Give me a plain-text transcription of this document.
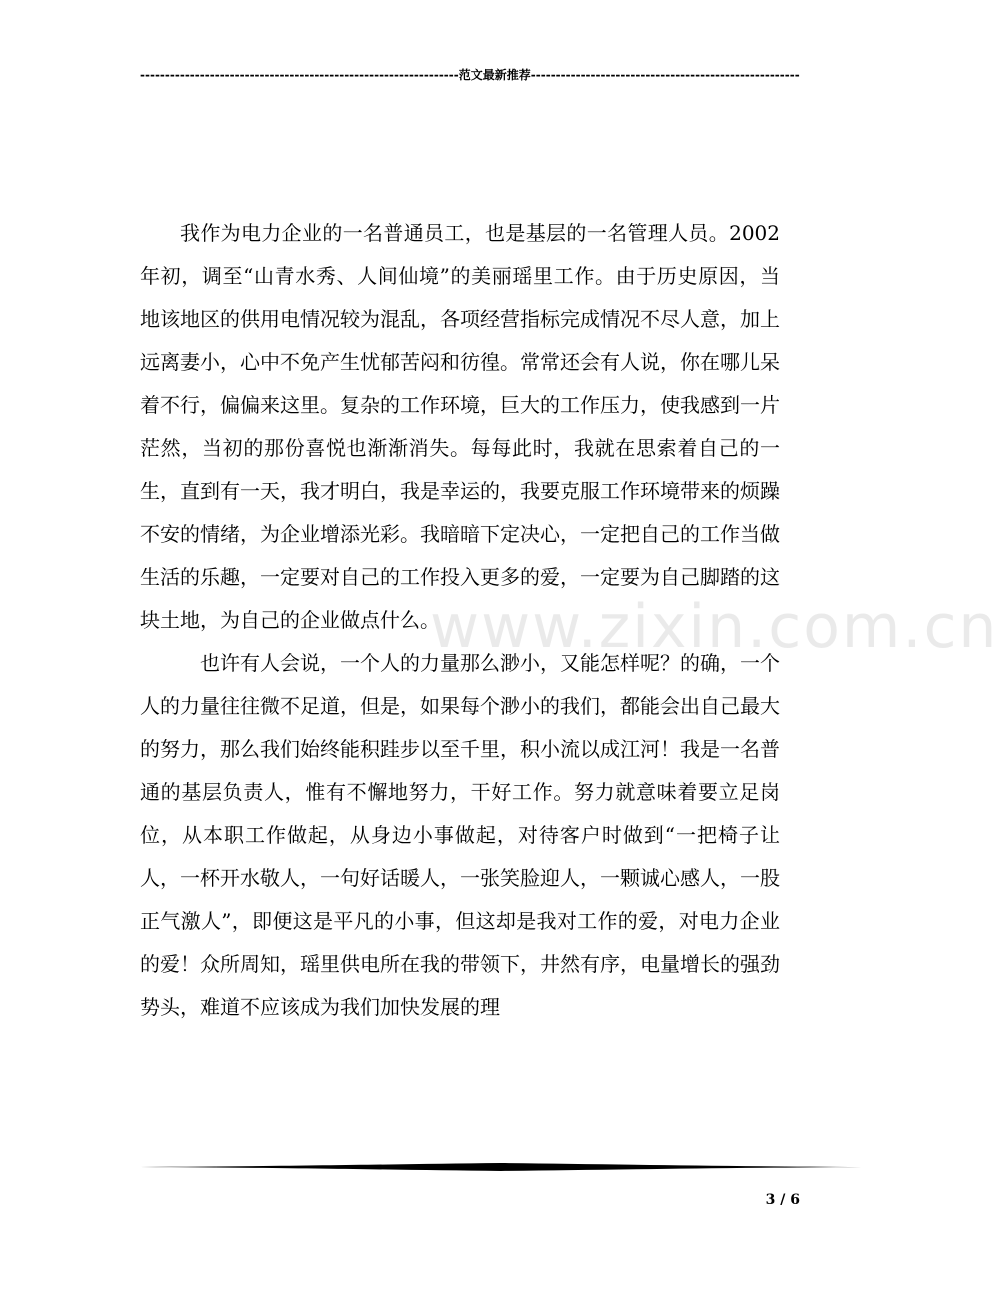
----------------------------------------------------------------范文最新推荐------------------------------------------------------

我作为电力企业的一名普通员工，也是基层的一名管理人员。2002年初，调至“山青水秀、人间仙境”的美丽瑶里工作。由于历史原因，当地该地区的供用电情况较为混乱，各项经营指标完成情况不尽人意，加上远离妻小，心中不免产生忧郁苦闷和彷徨。常常还会有人说，你在哪儿呆着不行，偏偏来这里。复杂的工作环境，巨大的工作压力，使我感到一片茫然，当初的那份喜悦也渐渐消失。每每此时，我就在思索着自己的一生，直到有一天，我才明白，我是幸运的，我要克服工作环境带来的烦躁不安的情绪，为企业增添光彩。我暗暗下定决心，一定把自己的工作当做生活的乐趣，一定要对自己的工作投入更多的爱，一定要为自己脚踏的这块土地，为自己的企业做点什么。

也许有人会说，一个人的力量那么渺小，又能怎样呢？的确，一个人的力量往往微不足道，但是，如果每个渺小的我们，都能会出自己最大的努力，那么我们始终能积跬步以至千里，积小流以成江河！我是一名普通的基层负责人，惟有不懈地努力，干好工作。努力就意味着要立足岗位，从本职工作做起，从身边小事做起，对待客户时做到“一把椅子让人，一杯开水敬人，一句好话暖人，一张笑脸迎人，一颗诚心感人，一股正气激人”，即便这是平凡的小事，但这却是我对工作的爱，对电力企业的爱！众所周知，瑶里供电所在我的带领下，井然有序，电量增长的强劲势头，难道不应该成为我们加快发展的理

www.zixin.com.cn
3 / 6
